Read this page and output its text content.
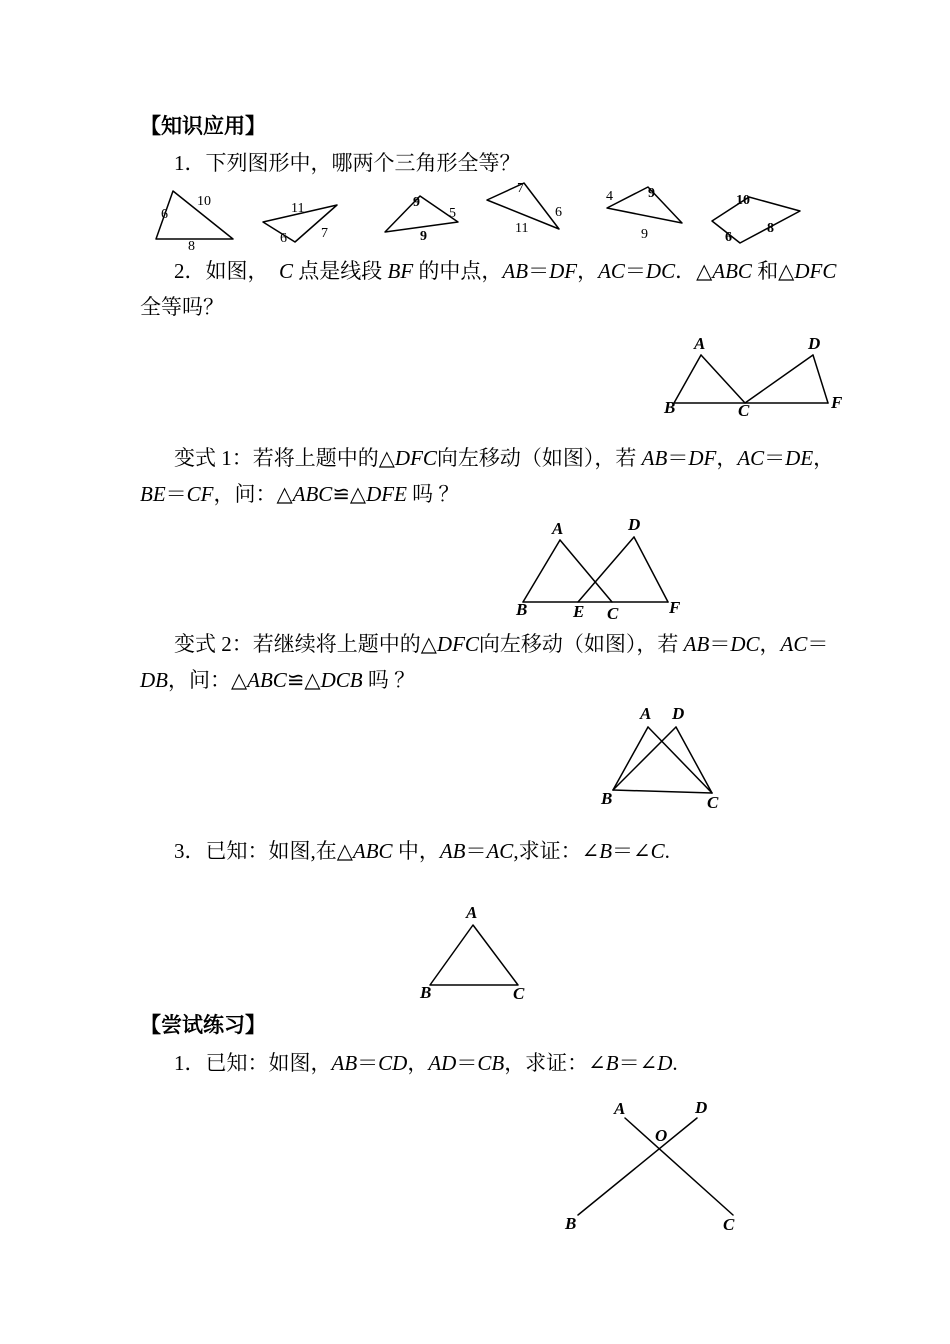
【知识应用】
1．下列图形中，哪两个三角形全等？
6
10
8
11
6 7
9
5
9
7
6
11
4	9
9
10
6
8
2．如图，　C 点是线段 BF 的中点，AB＝DF，AC＝DC．△ABC 和△DFC
全等吗？
A	D
B	C	F
变式 1：若将上题中的△DFC向左移动（如图），若 AB＝DF，AC＝DE，
BE＝CF，问：△ABC≌△DFE 吗 ？
A	D
B	E C	F
变式 2：若继续将上题中的△DFC向左移动（如图），若 AB＝DC，AC＝
DB，问：△ABC≌△DCB 吗 ？
A D
B	C
3．已知：如图,在△ABC 中，AB＝AC,求证：∠B＝∠C.
A
B	C
【尝试练习】
1．已知：如图，AB＝CD，AD＝CB，求证：∠B＝∠D.
A	D
O
B	C
